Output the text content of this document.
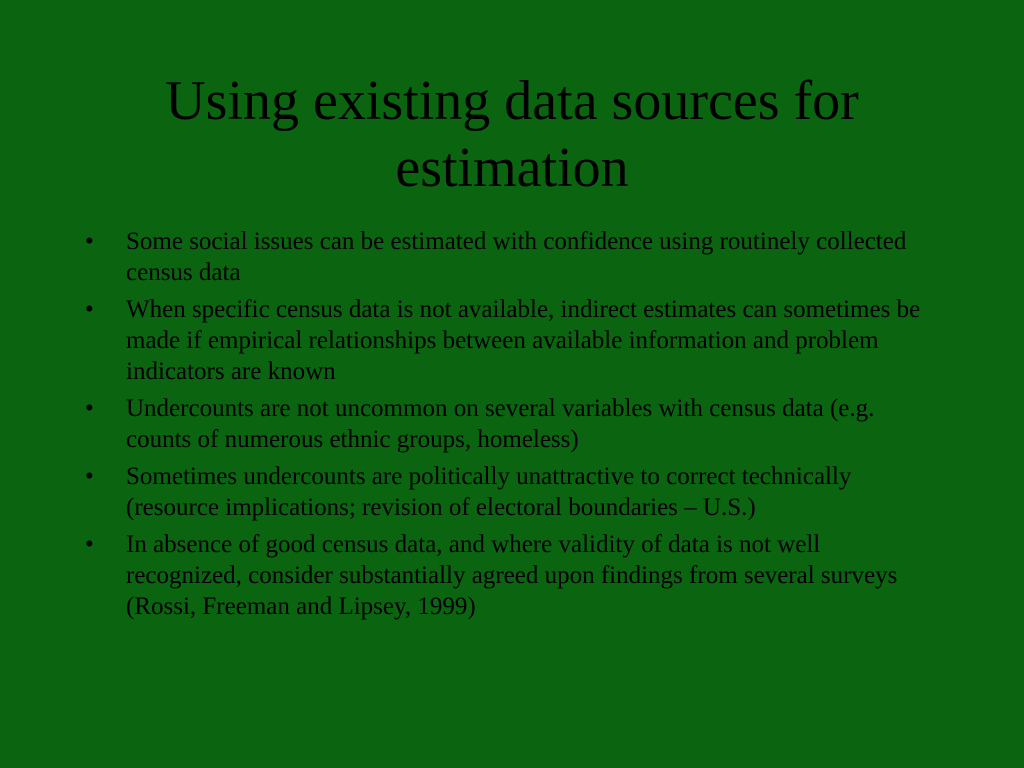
Using existing data sources for estimation
• Some social issues can be estimated with confidence using routinely collected census data
• When specific census data is not available, indirect estimates can sometimes be made if empirical relationships between available information and problem indicators are known
• Undercounts are not uncommon on several variables with census data (e.g. counts of numerous ethnic groups, homeless)
• Sometimes undercounts are politically unattractive to correct technically (resource implications; revision of electoral boundaries – U.S.)
• In absence of good census data, and where validity of data is not well recognized, consider substantially agreed upon findings from several surveys (Rossi, Freeman and Lipsey, 1999)
